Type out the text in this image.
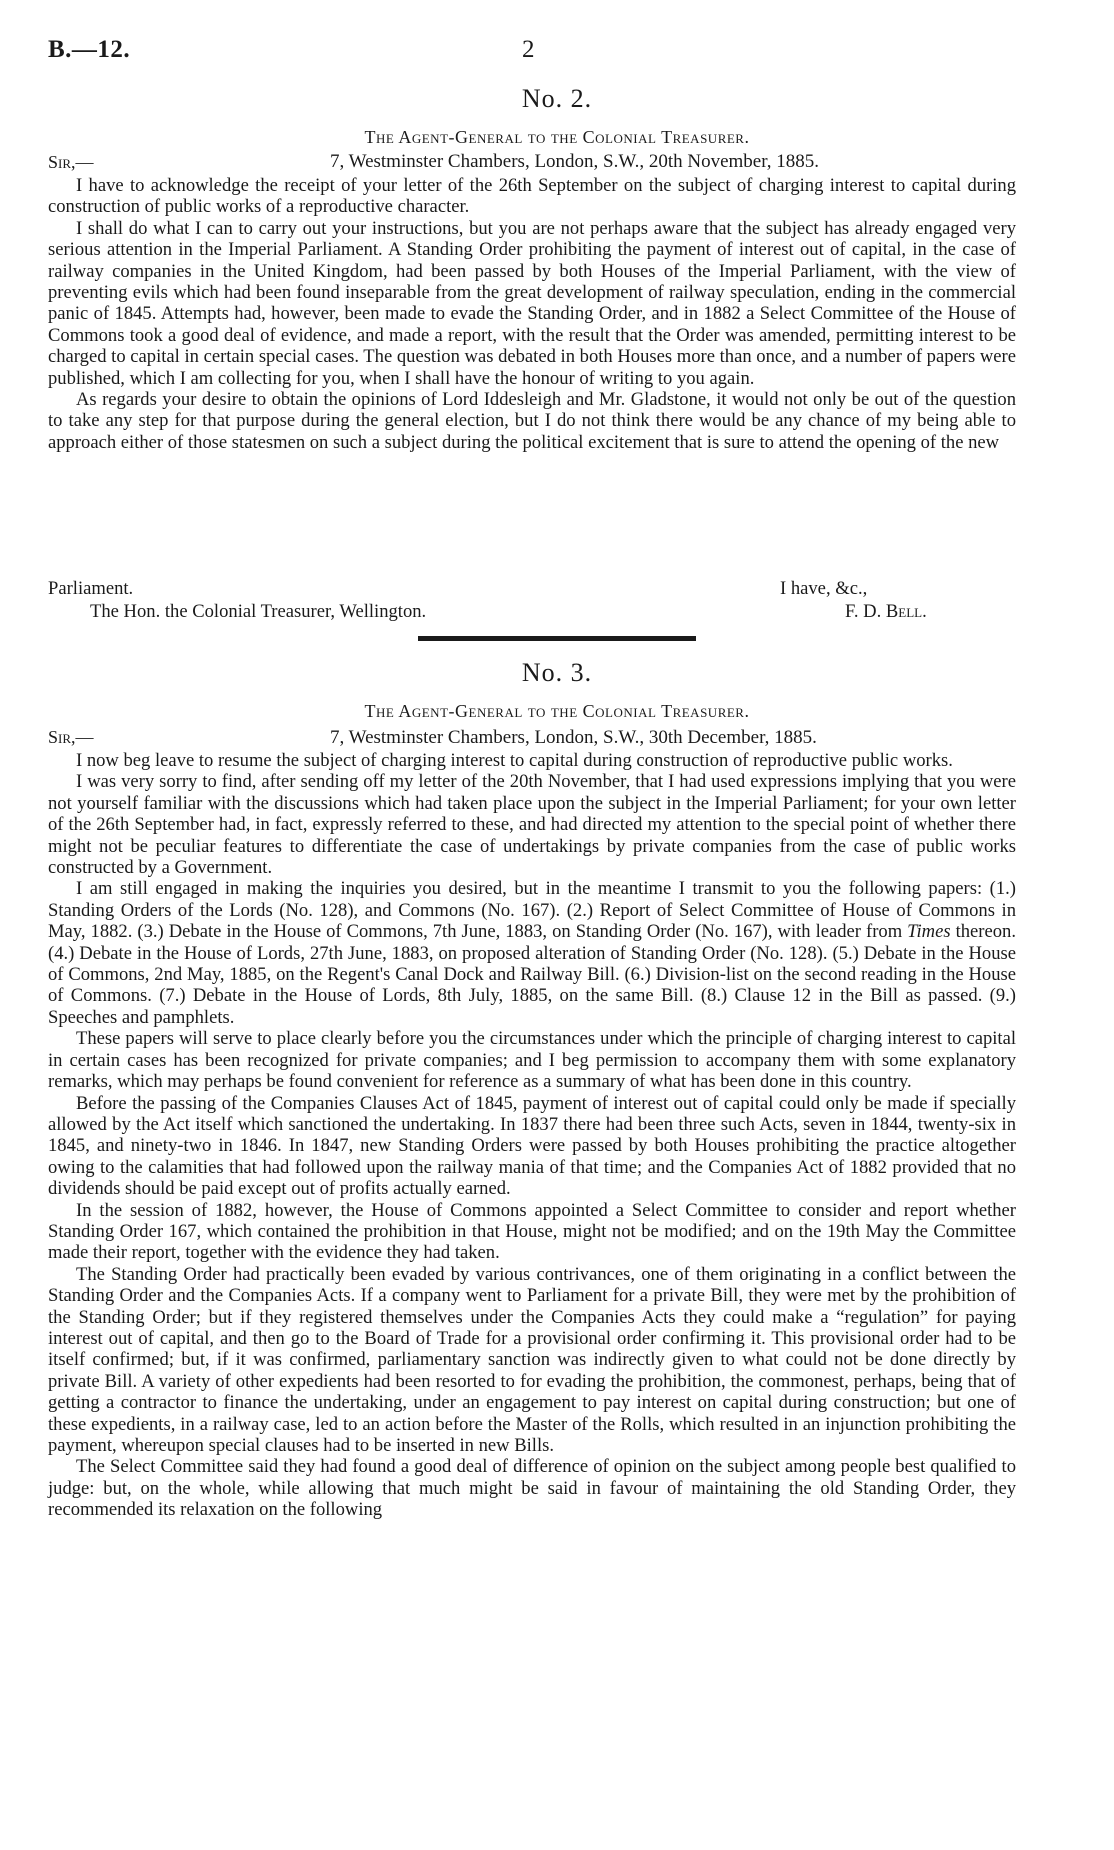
B.—12.	2
No. 2.
The Agent-General to the Colonial Treasurer.
Sir,—	7, Westminster Chambers, London, S.W., 20th November, 1885.

I have to acknowledge the receipt of your letter of the 26th September on the subject of charging interest to capital during construction of public works of a reproductive character.

I shall do what I can to carry out your instructions, but you are not perhaps aware that the subject has already engaged very serious attention in the Imperial Parliament. A Standing Order prohibiting the payment of interest out of capital, in the case of railway companies in the United Kingdom, had been passed by both Houses of the Imperial Parliament, with the view of preventing evils which had been found inseparable from the great development of railway speculation, ending in the commercial panic of 1845. Attempts had, however, been made to evade the Standing Order, and in 1882 a Select Committee of the House of Commons took a good deal of evidence, and made a report, with the result that the Order was amended, permitting interest to be charged to capital in certain special cases. The question was debated in both Houses more than once, and a number of papers were published, which I am collecting for you, when I shall have the honour of writing to you again.

As regards your desire to obtain the opinions of Lord Iddesleigh and Mr. Gladstone, it would not only be out of the question to take any step for that purpose during the general election, but I do not think there would be any chance of my being able to approach either of those statesmen on such a subject during the political excitement that is sure to attend the opening of the new

Parliament.	I have, &c.,
The Hon. the Colonial Treasurer, Wellington.	F. D. Bell.
No. 3.
The Agent-General to the Colonial Treasurer.
Sir,—	7, Westminster Chambers, London, S.W., 30th December, 1885.

I now beg leave to resume the subject of charging interest to capital during construction of reproductive public works.

I was very sorry to find, after sending off my letter of the 20th November, that I had used expressions implying that you were not yourself familiar with the discussions which had taken place upon the subject in the Imperial Parliament; for your own letter of the 26th September had, in fact, expressly referred to these, and had directed my attention to the special point of whether there might not be peculiar features to differentiate the case of undertakings by private companies from the case of public works constructed by a Government.

I am still engaged in making the inquiries you desired, but in the meantime I transmit to you the following papers: (1.) Standing Orders of the Lords (No. 128), and Commons (No. 167). (2.) Report of Select Committee of House of Commons in May, 1882. (3.) Debate in the House of Commons, 7th June, 1883, on Standing Order (No. 167), with leader from Times thereon. (4.) Debate in the House of Lords, 27th June, 1883, on proposed alteration of Standing Order (No. 128). (5.) Debate in the House of Commons, 2nd May, 1885, on the Regent's Canal Dock and Railway Bill. (6.) Division-list on the second reading in the House of Commons. (7.) Debate in the House of Lords, 8th July, 1885, on the same Bill. (8.) Clause 12 in the Bill as passed. (9.) Speeches and pamphlets.

These papers will serve to place clearly before you the circumstances under which the principle of charging interest to capital in certain cases has been recognized for private companies; and I beg permission to accompany them with some explanatory remarks, which may perhaps be found convenient for reference as a summary of what has been done in this country.

Before the passing of the Companies Clauses Act of 1845, payment of interest out of capital could only be made if specially allowed by the Act itself which sanctioned the undertaking. In 1837 there had been three such Acts, seven in 1844, twenty-six in 1845, and ninety-two in 1846. In 1847, new Standing Orders were passed by both Houses prohibiting the practice altogether owing to the calamities that had followed upon the railway mania of that time; and the Companies Act of 1882 provided that no dividends should be paid except out of profits actually earned.

In the session of 1882, however, the House of Commons appointed a Select Committee to consider and report whether Standing Order 167, which contained the prohibition in that House, might not be modified; and on the 19th May the Committee made their report, together with the evidence they had taken.

The Standing Order had practically been evaded by various contrivances, one of them originating in a conflict between the Standing Order and the Companies Acts. If a company went to Parliament for a private Bill, they were met by the prohibition of the Standing Order; but if they registered themselves under the Companies Acts they could make a “regulation” for paying interest out of capital, and then go to the Board of Trade for a provisional order confirming it. This provisional order had to be itself confirmed; but, if it was confirmed, parliamentary sanction was indirectly given to what could not be done directly by private Bill. A variety of other expedients had been resorted to for evading the prohibition, the commonest, perhaps, being that of getting a contractor to finance the undertaking, under an engagement to pay interest on capital during construction; but one of these expedients, in a railway case, led to an action before the Master of the Rolls, which resulted in an injunction prohibiting the payment, whereupon special clauses had to be inserted in new Bills.

The Select Committee said they had found a good deal of difference of opinion on the subject among people best qualified to judge: but, on the whole, while allowing that much might be said in favour of maintaining the old Standing Order, they recommended its relaxation on the following
